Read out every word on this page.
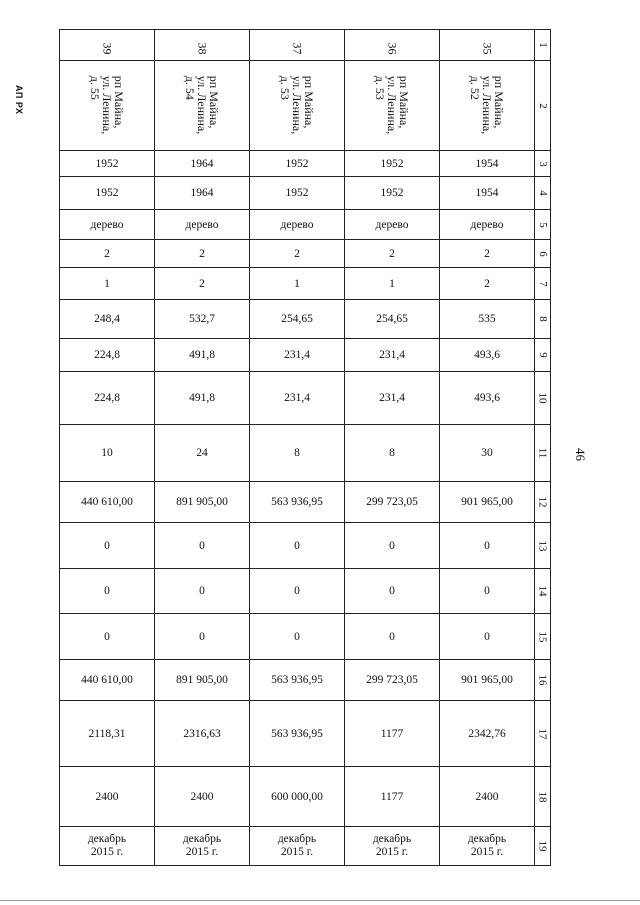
АП РХ
46
39	38	37	36	35	1
рп Майна,
ул. Ленина,
д. 55	рп Майна,
ул. Ленина,
д. 54	рп Майна,
ул. Ленина,
д. 53	рп Майна,
ул. Ленина,
д. 53	рп Майна,
ул. Ленина,
д. 52	2
1952	1964	1952	1952	1954	3
1952	1964	1952	1952	1954	4
дерево	дерево	дерево	дерево	дерево	5
2	2	2	2	2	6
1	2	1	1	2	7
248,4	532,7	254,65	254,65	535	8
224,8	491,8	231,4	231,4	493,6	9
224,8	491,8	231,4	231,4	493,6	10
10	24	8	8	30	11
440 610,00	891 905,00	563 936,95	299 723,05	901 965,00	12
0	0	0	0	0	13
0	0	0	0	0	14
0	0	0	0	0	15
440 610,00	891 905,00	563 936,95	299 723,05	901 965,00	16
2118,31	2316,63	563 936,95	1177	2342,76	17
2400	2400	600 000,00	1177	2400	18
декабрь
2015 г.	декабрь
2015 г.	декабрь
2015 г.	декабрь
2015 г.	декабрь
2015 г.	19
